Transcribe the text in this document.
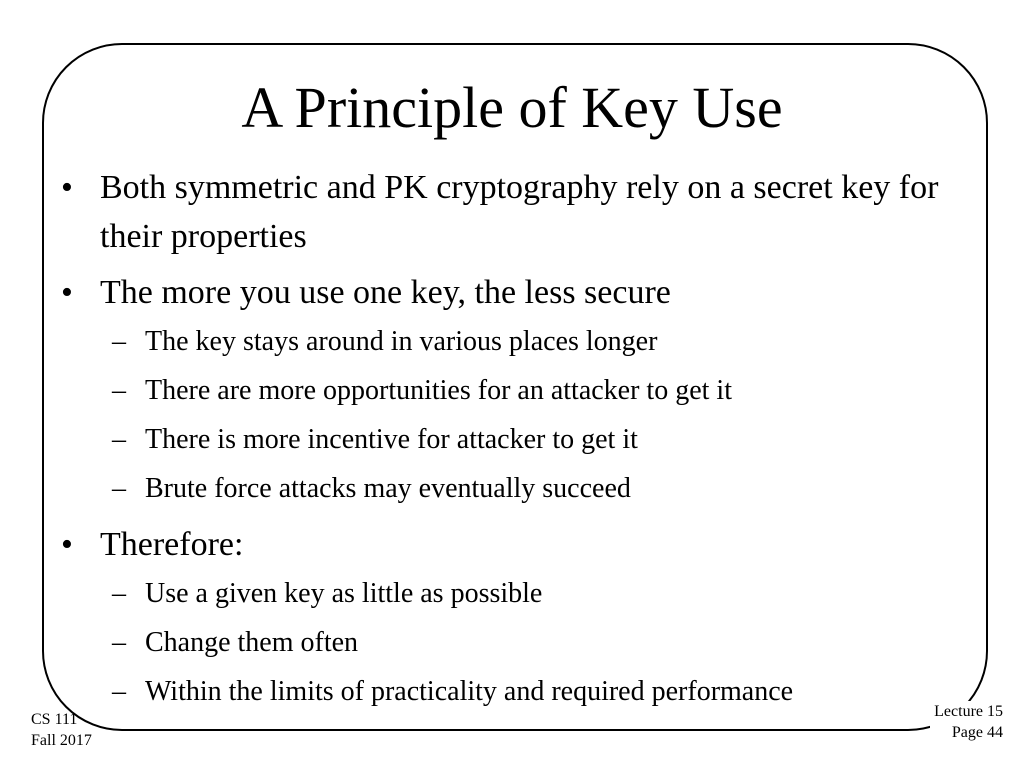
A Principle of Key Use
• Both symmetric and PK cryptography rely on a secret key for their properties
• The more you use one key, the less secure
– The key stays around in various places longer
– There are more opportunities for an attacker to get it
– There is more incentive for attacker to get it
– Brute force attacks may eventually succeed
• Therefore:
– Use a given key as little as possible
– Change them often
– Within the limits of practicality and required performance
CS 111
Fall 2017
Lecture 15
Page 44
